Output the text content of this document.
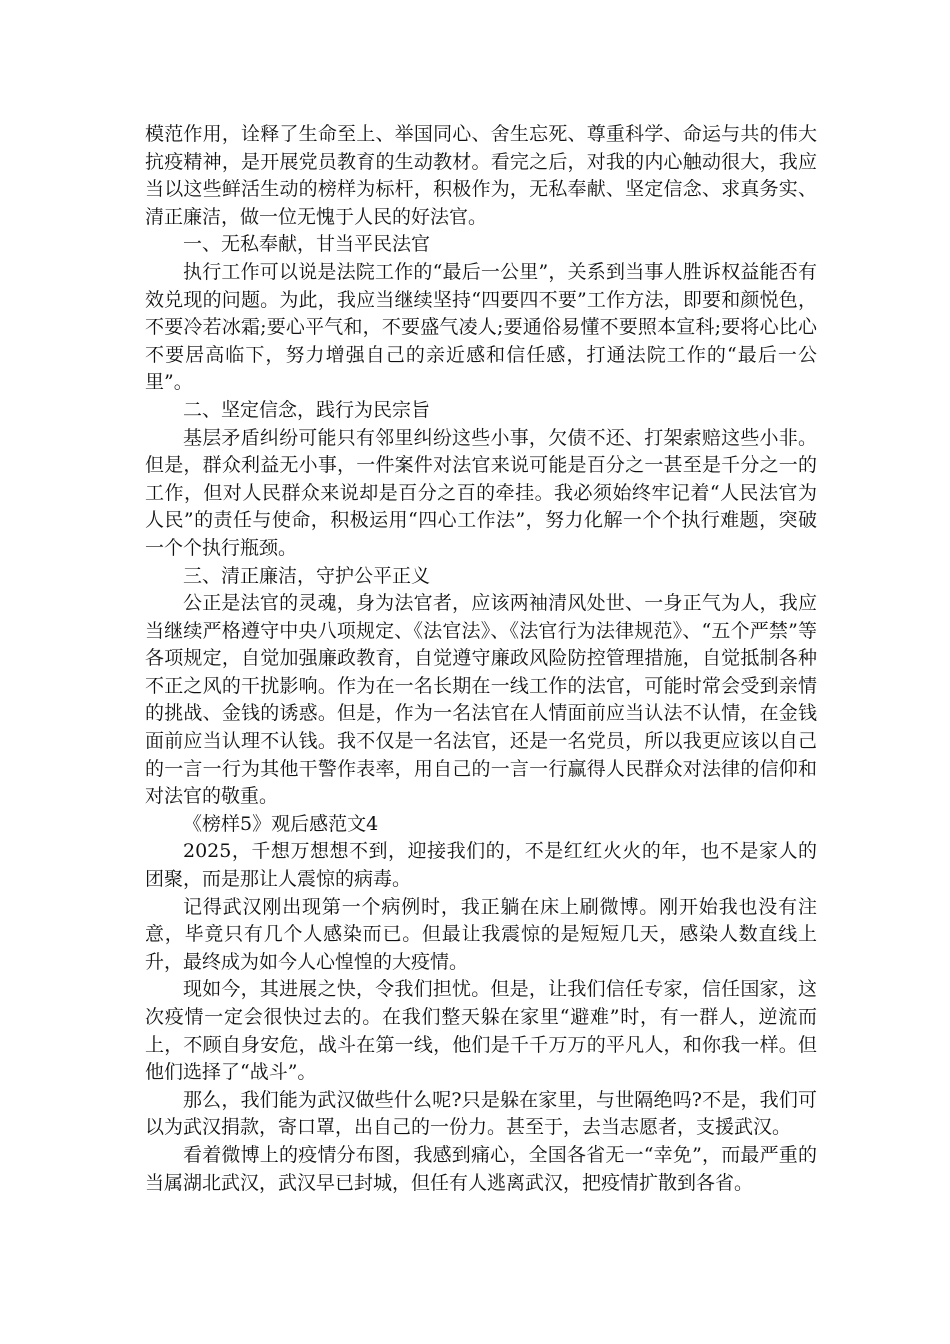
模范作用，诠释了生命至上、举国同心、舍生忘死、尊重科学、命运与共的伟大抗疫精神，是开展党员教育的生动教材。看完之后，对我的内心触动很大，我应当以这些鲜活生动的榜样为标杆，积极作为，无私奉献、坚定信念、求真务实、清正廉洁，做一位无愧于人民的好法官。

一、无私奉献，甘当平民法官

执行工作可以说是法院工作的“最后一公里”，关系到当事人胜诉权益能否有效兑现的问题。为此，我应当继续坚持“四要四不要”工作方法，即要和颜悦色，不要冷若冰霜;要心平气和，不要盛气凌人;要通俗易懂不要照本宣科;要将心比心不要居高临下，努力增强自己的亲近感和信任感，打通法院工作的“最后一公里”。

二、坚定信念，践行为民宗旨

基层矛盾纠纷可能只有邻里纠纷这些小事，欠债不还、打架索赔这些小非。但是，群众利益无小事，一件案件对法官来说可能是百分之一甚至是千分之一的工作，但对人民群众来说却是百分之百的牵挂。我必须始终牢记着“人民法官为人民”的责任与使命，积极运用“四心工作法”，努力化解一个个执行难题，突破一个个执行瓶颈。

三、清正廉洁，守护公平正义

公正是法官的灵魂，身为法官者，应该两袖清风处世、一身正气为人，我应当继续严格遵守中央八项规定、《法官法》、《法官行为法律规范》、“五个严禁”等各项规定，自觉加强廉政教育，自觉遵守廉政风险防控管理措施，自觉抵制各种不正之风的干扰影响。作为在一名长期在一线工作的法官，可能时常会受到亲情的挑战、金钱的诱惑。但是，作为一名法官在人情面前应当认法不认情，在金钱面前应当认理不认钱。我不仅是一名法官，还是一名党员，所以我更应该以自己的一言一行为其他干警作表率，用自己的一言一行赢得人民群众对法律的信仰和对法官的敬重。

《榜样5》观后感范文4

2025，千想万想想不到，迎接我们的，不是红红火火的年，也不是家人的团聚，而是那让人震惊的病毒。

记得武汉刚出现第一个病例时，我正躺在床上刷微博。刚开始我也没有注意，毕竟只有几个人感染而已。但最让我震惊的是短短几天，感染人数直线上升，最终成为如今人心惶惶的大疫情。

现如今，其进展之快，令我们担忧。但是，让我们信任专家，信任国家，这次疫情一定会很快过去的。在我们整天躲在家里“避难”时，有一群人，逆流而上，不顾自身安危，战斗在第一线，他们是千千万万的平凡人，和你我一样。但他们选择了“战斗”。

那么，我们能为武汉做些什么呢?只是躲在家里，与世隔绝吗?不是，我们可以为武汉捐款，寄口罩，出自己的一份力。甚至于，去当志愿者，支援武汉。

看着微博上的疫情分布图，我感到痛心，全国各省无一“幸免”，而最严重的当属湖北武汉，武汉早已封城，但任有人逃离武汉，把疫情扩散到各省。
